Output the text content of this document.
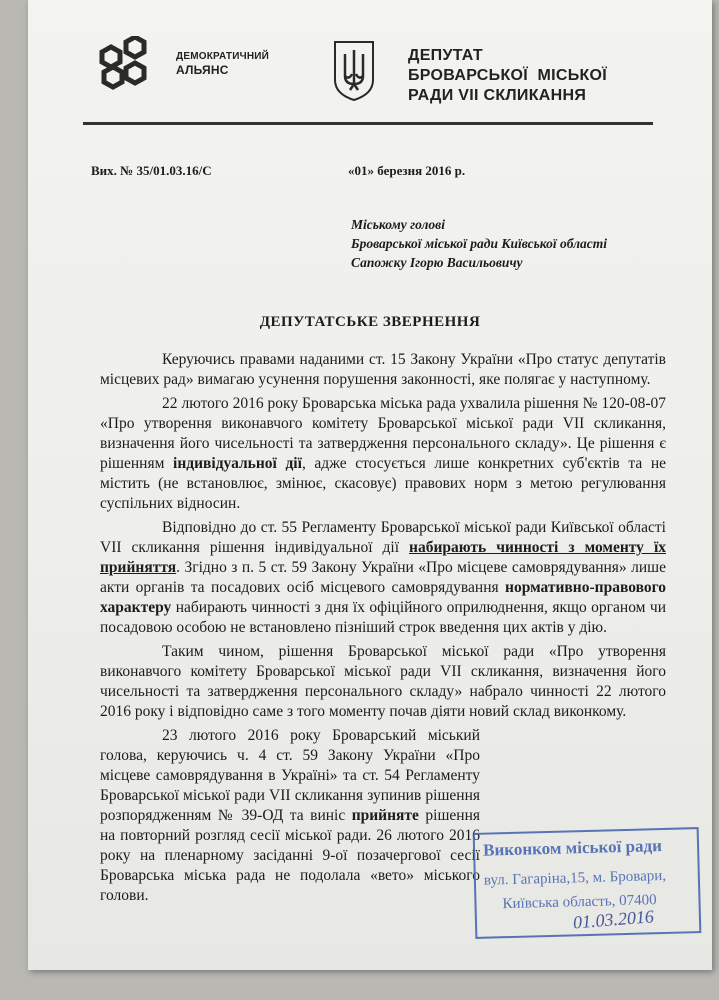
ДЕМОКРАТИЧНИЙ
АЛЬЯНС
ДЕПУТАТ
БРОВАРСЬКОЇ  МІСЬКОЇ
РАДИ VII СКЛИКАННЯ
Вих. № 35/01.03.16/С	«01» березня 2016 р.
Міському голові
Броварської міської ради Київської області
Сапожку Ігорю Васильовичу
ДЕПУТАТСЬКЕ ЗВЕРНЕННЯ

Керуючись правами наданими ст. 15 Закону України «Про статус депутатів місцевих рад» вимагаю усунення порушення законності, яке полягає у наступному.

22 лютого 2016 року Броварська міська рада ухвалила рішення № 120-08-07 «Про утворення виконавчого комітету Броварської міської ради VII скликання, визначення його чисельності та затвердження персонального складу». Це рішення є рішенням індивідуальної дії, адже стосується лише конкретних суб'єктів та не містить (не встановлює, змінює, скасовує) правових норм з метою регулювання суспільних відносин.

Відповідно до ст. 55 Регламенту Броварської міської ради Київської області VII скликання рішення індивідуальної дії набирають чинності з моменту їх прийняття. Згідно з п. 5 ст. 59 Закону України «Про місцеве самоврядування» лише акти органів та посадових осіб місцевого самоврядування нормативно-правового характеру набирають чинності з дня їх офіційного оприлюднення, якщо органом чи посадовою особою не встановлено пізніший строк введення цих актів у дію.

Таким чином, рішення Броварської міської ради «Про утворення виконавчого комітету Броварської міської ради VII скликання, визначення його чисельності та затвердження персонального складу» набрало чинності 22 лютого 2016 року і відповідно саме з того моменту почав діяти новий склад виконкому.

23 лютого 2016 року Броварський міський голова, керуючись ч. 4 ст. 59 Закону України «Про місцеве самоврядування в Україні» та ст. 54 Регламенту Броварської міської ради VII скликання зупинив рішення розпорядженням № 39-ОД та виніс прийняте рішення на повторний розгляд сесії міської ради. 26 лютого 2016 року на пленарному засіданні 9-ої позачергової сесії Броварська міська рада не подолала «вето» міського голови.

Виконком міської ради
вул. Гагаріна,15, м. Бровари,
Київська область, 07400
01.03.2016
